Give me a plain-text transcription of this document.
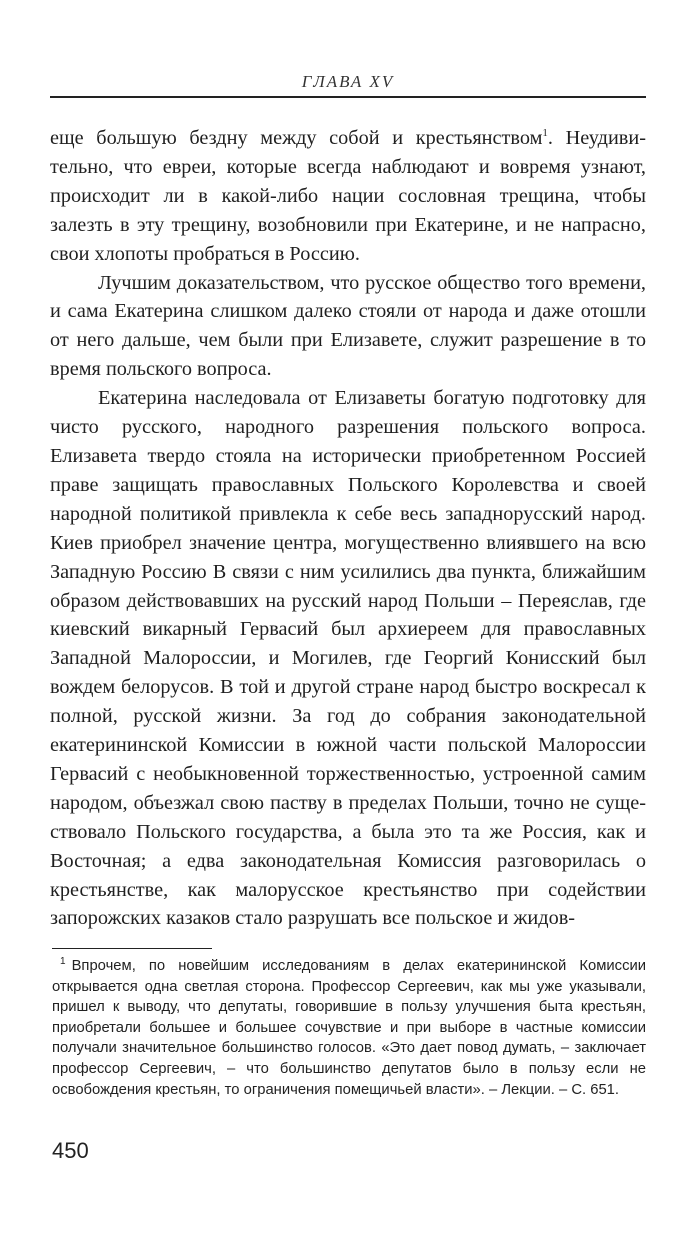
ГЛАВА XV

еще большую бездну между собой и крестьянством$^1$. Неудивительно, что евреи, которые всегда наблюдают и вовремя узнают, происходит ли в какой-либо нации сословная трещина, чтобы залезть в эту трещину, возобновили при Екатерине, и не напрасно, свои хлопоты пробраться в Россию.

Лучшим доказательством, что русское общество того времени, и сама Екатерина слишком далеко стояли от народа и даже отошли от него дальше, чем были при Елизавете, служит разрешение в то время польского вопроса.

Екатерина наследовала от Елизаветы богатую подготовку для чисто русского, народного разрешения польского вопроса. Елизавета твердо стояла на исторически приобретенном Россией праве защищать православных Польского Королевства и своей народной политикой привлекла к себе весь западнорусский народ. Киев приобрел значение центра, могущественно влиявшего на всю Западную Россию В связи с ним усилились два пункта, ближайшим образом действовавших на русский народ Польши – Переяслав, где киевский викарный Гервасий был архиереем для православных Западной Малороссии, и Могилев, где Георгий Конисский был вождем белорусов. В той и другой стране народ быстро воскресал к полной, русской жизни. За год до собрания законодательной екатерининской Комиссии в южной части польской Малороссии Гервасий с необыкновенной торжественностью, устроенной самим народом, объезжал свою паству в пределах Польши, точно не существовало Польского государства, а была это та же Россия, как и Восточная; а едва законодательная Комиссия разговорилась о крестьянстве, как малорусское крестьянство при содействии запорожских казаков стало разрушать все польское и жидов-

$^1$ Впрочем, по новейшим исследованиям в делах екатерининской Комиссии открывается одна светлая сторона. Профессор Сергеевич, как мы уже указывали, пришел к выводу, что депутаты, говорившие в пользу улучшения быта крестьян, приобретали большее и большее сочувствие и при выборе в частные комиссии получали значительное большинство голосов. «Это дает повод думать, – заключает профессор Сергеевич, – что большинство депутатов было в пользу если не освобождения крестьян, то ограничения помещичьей власти». – Лекции. – С. 651.

450
